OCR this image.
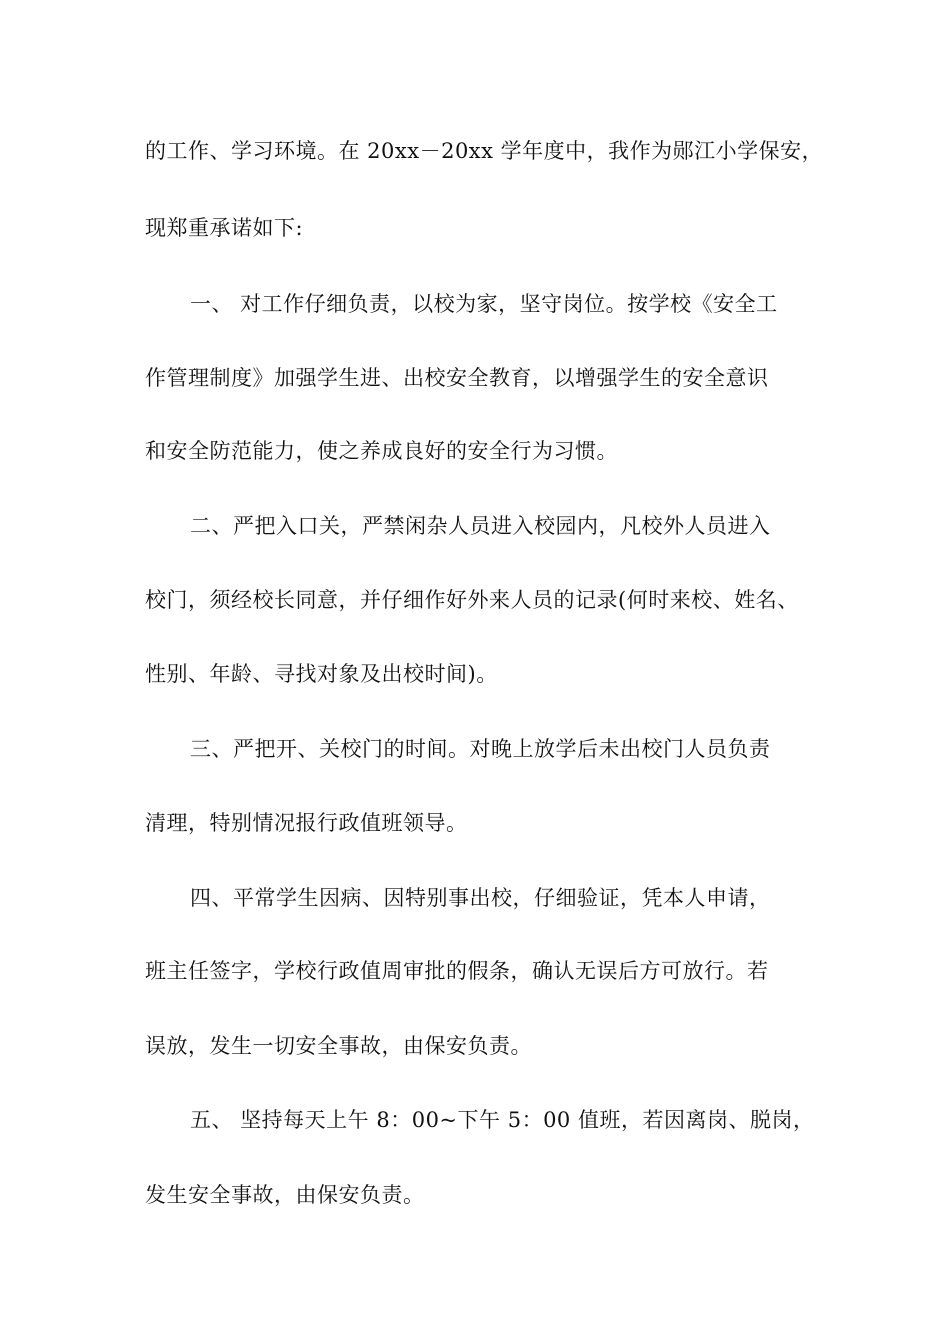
的工作、学习环境。在 20xx－20xx 学年度中，我作为郧江小学保安，
现郑重承诺如下:
一、 对工作仔细负责，以校为家，坚守岗位。按学校《安全工
作管理制度》加强学生进、出校安全教育，以增强学生的安全意识
和安全防范能力，使之养成良好的安全行为习惯。
二、严把入口关，严禁闲杂人员进入校园内，凡校外人员进入
校门，须经校长同意，并仔细作好外来人员的记录(何时来校、姓名、
性别、年龄、寻找对象及出校时间)。
三、严把开、关校门的时间。对晚上放学后未出校门人员负责
清理，特别情况报行政值班领导。
四、平常学生因病、因特别事出校，仔细验证，凭本人申请，
班主任签字，学校行政值周审批的假条，确认无误后方可放行。若
误放，发生一切安全事故，由保安负责。
五、 坚持每天上午 8：00~下午 5：00 值班，若因离岗、脱岗，
发生安全事故，由保安负责。
